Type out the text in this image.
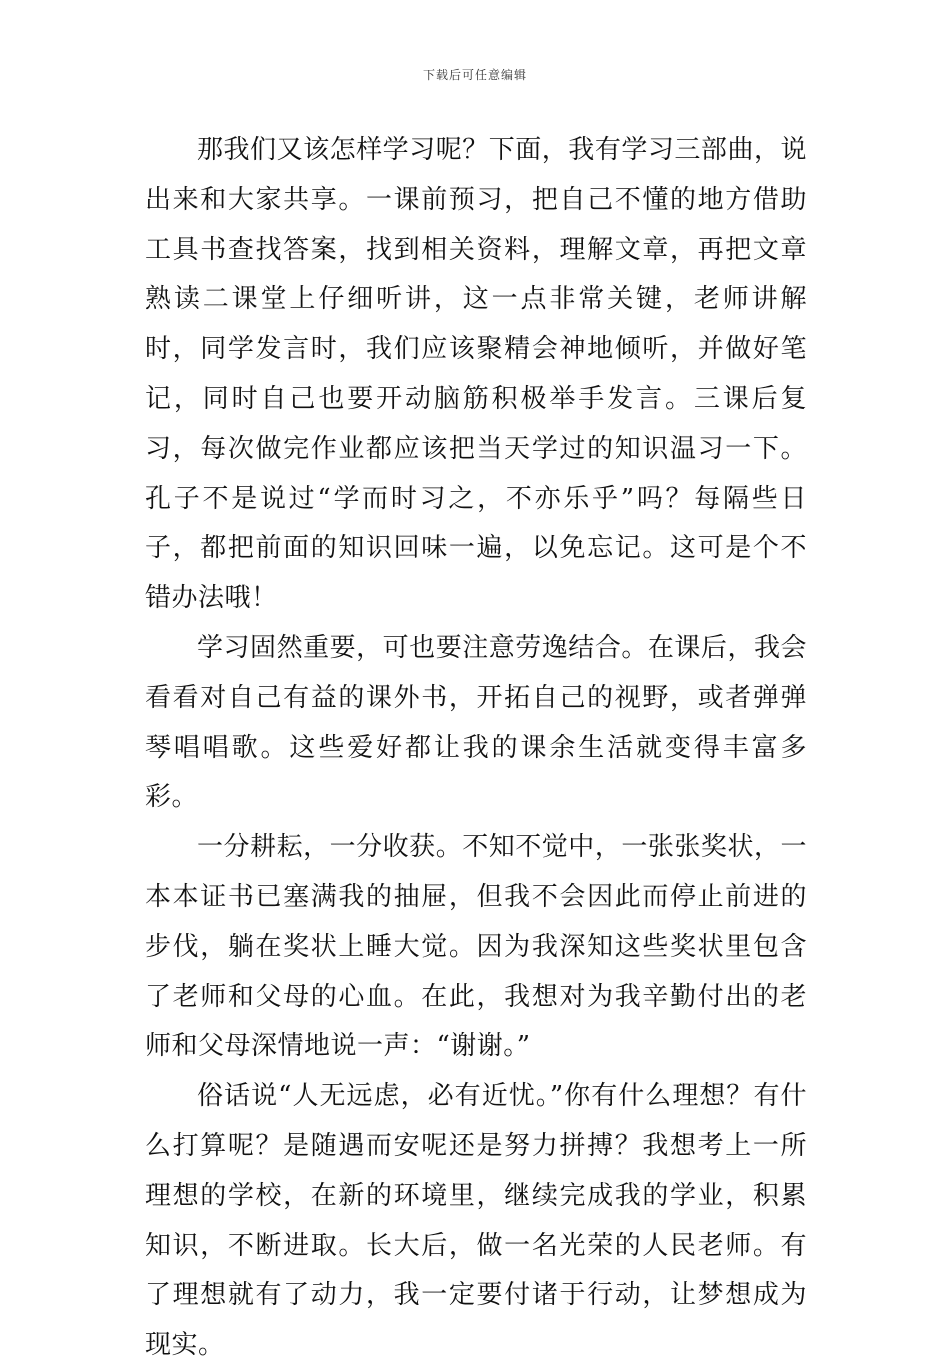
下载后可任意编辑

那我们又该怎样学习呢？下面，我有学习三部曲，说出来和大家共享。一课前预习，把自己不懂的地方借助工具书查找答案，找到相关资料，理解文章，再把文章熟读二课堂上仔细听讲，这一点非常关键，老师讲解时，同学发言时，我们应该聚精会神地倾听，并做好笔记，同时自己也要开动脑筋积极举手发言。三课后复习，每次做完作业都应该把当天学过的知识温习一下。孔子不是说过“学而时习之，不亦乐乎”吗？每隔些日子，都把前面的知识回味一遍，以免忘记。这可是个不错办法哦！

学习固然重要，可也要注意劳逸结合。在课后，我会看看对自己有益的课外书，开拓自己的视野，或者弹弹琴唱唱歌。这些爱好都让我的课余生活就变得丰富多彩。

一分耕耘，一分收获。不知不觉中，一张张奖状，一本本证书已塞满我的抽屉，但我不会因此而停止前进的步伐，躺在奖状上睡大觉。因为我深知这些奖状里包含了老师和父母的心血。在此，我想对为我辛勤付出的老师和父母深情地说一声：“谢谢。”

俗话说“人无远虑，必有近忧。”你有什么理想？有什么打算呢？是随遇而安呢还是努力拼搏？我想考上一所理想的学校，在新的环境里，继续完成我的学业，积累知识，不断进取。长大后，做一名光荣的人民老师。有了理想就有了动力，我一定要付诸于行动，让梦想成为现实。
